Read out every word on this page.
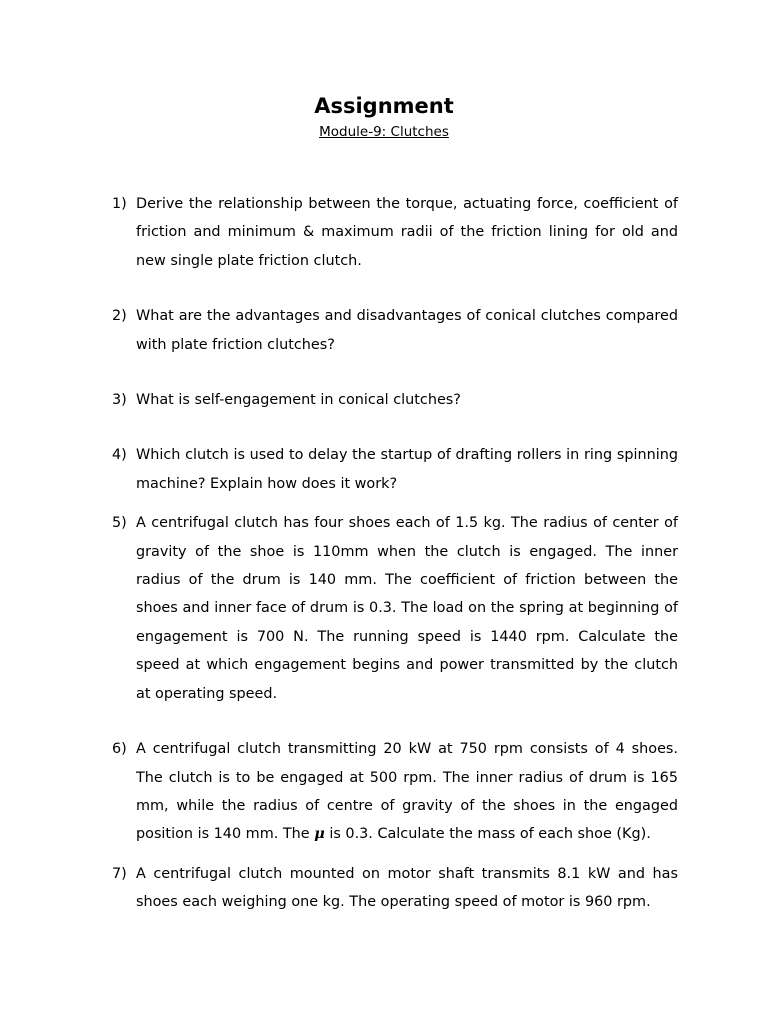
Assignment
Module-9: Clutches
1) Derive the relationship between the torque, actuating force, coefficient of friction and minimum & maximum radii of the friction lining for old and new single plate friction clutch.
2) What are the advantages and disadvantages of conical clutches compared with plate friction clutches?
3) What is self-engagement in conical clutches?
4) Which clutch is used to delay the startup of drafting rollers in ring spinning machine? Explain how does it work?
5) A centrifugal clutch has four shoes each of 1.5 kg. The radius of center of gravity of the shoe is 110mm when the clutch is engaged. The inner radius of the drum is 140 mm. The coefficient of friction between the shoes and inner face of drum is 0.3. The load on the spring at beginning of engagement is 700 N. The running speed is 1440 rpm. Calculate the speed at which engagement begins and power transmitted by the clutch at operating speed.
6) A centrifugal clutch transmitting 20 kW at 750 rpm consists of 4 shoes. The clutch is to be engaged at 500 rpm. The inner radius of drum is 165 mm, while the radius of centre of gravity of the shoes in the engaged position is 140 mm. The μ is 0.3. Calculate the mass of each shoe (Kg).
7) A centrifugal clutch mounted on motor shaft transmits 8.1 kW and has shoes each weighing one kg. The operating speed of motor is 960 rpm.
